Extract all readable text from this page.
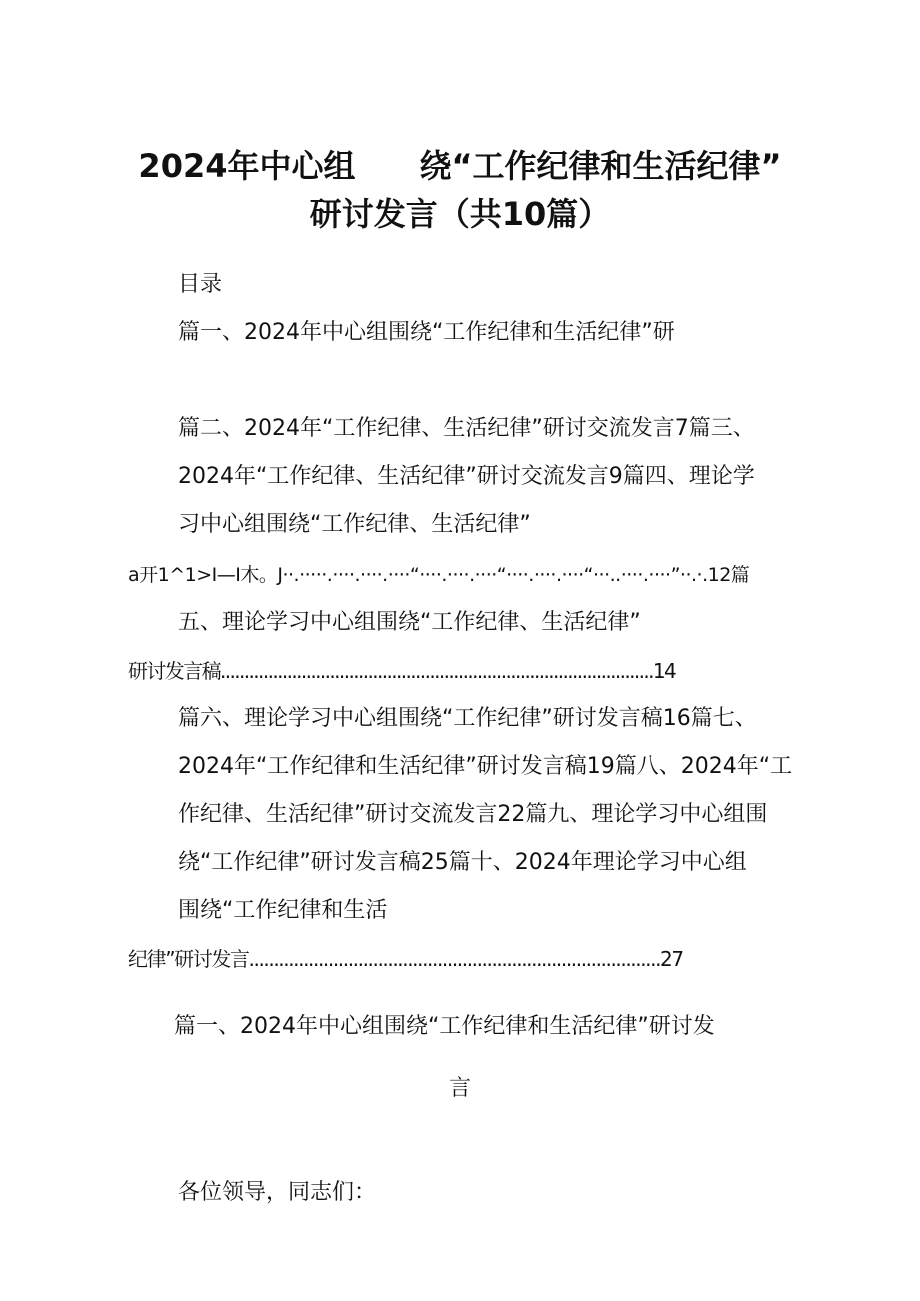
2024年中心组　　绕“工作纪律和生活纪律”
研讨发言（共10篇）
目录
篇一、2024年中心组围绕“工作纪律和生活纪律”研
篇二、2024年“工作纪律、生活纪律”研讨交流发言7篇三、
2024年“工作纪律、生活纪律”研讨交流发言9篇四、理论学
习中心组围绕“工作纪律、生活纪律”
a开1^1>I—I木。J··.·····.····.····.····“····.····.····“····.····.····“···..····.····”··.·.12篇
五、理论学习中心组围绕“工作纪律、生活纪律”
研讨发言稿...........................................................................................14
篇六、理论学习中心组围绕“工作纪律”研讨发言稿16篇七、
2024年“工作纪律和生活纪律”研讨发言稿19篇八、2024年“工
作纪律、生活纪律”研讨交流发言22篇九、理论学习中心组围
绕“工作纪律”研讨发言稿25篇十、2024年理论学习中心组
围绕“工作纪律和生活
纪律”研讨发言...................................................................................27
篇一、2024年中心组围绕“工作纪律和生活纪律”研讨发
言
各位领导，同志们：
